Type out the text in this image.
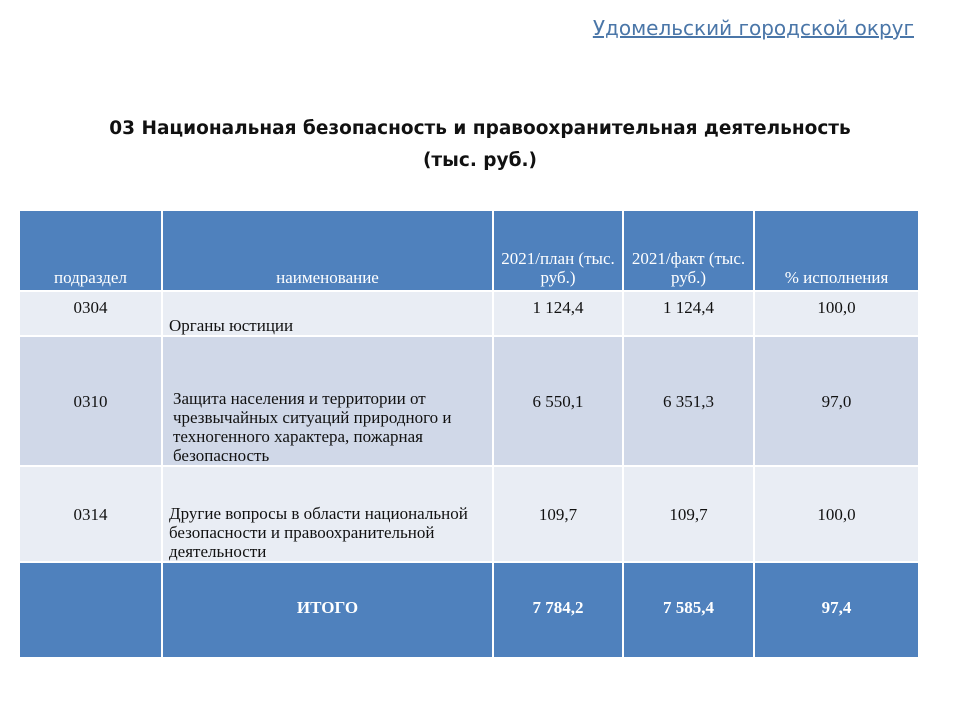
Удомельский городской округ
03 Национальная безопасность и правоохранительная деятельность
(тыс. руб.)
подраздел	наименование	2021/план (тыс. руб.)	2021/факт (тыс. руб.)	% исполнения
0304	Органы юстиции	1 124,4	1 124,4	100,0
0310	Защита населения и территории от чрезвычайных ситуаций природного и техногенного характера, пожарная безопасность	6 550,1	6 351,3	97,0
0314	Другие вопросы в области национальной безопасности и правоохранительной деятельности	109,7	109,7	100,0
	ИТОГО	7 784,2	7 585,4	97,4
